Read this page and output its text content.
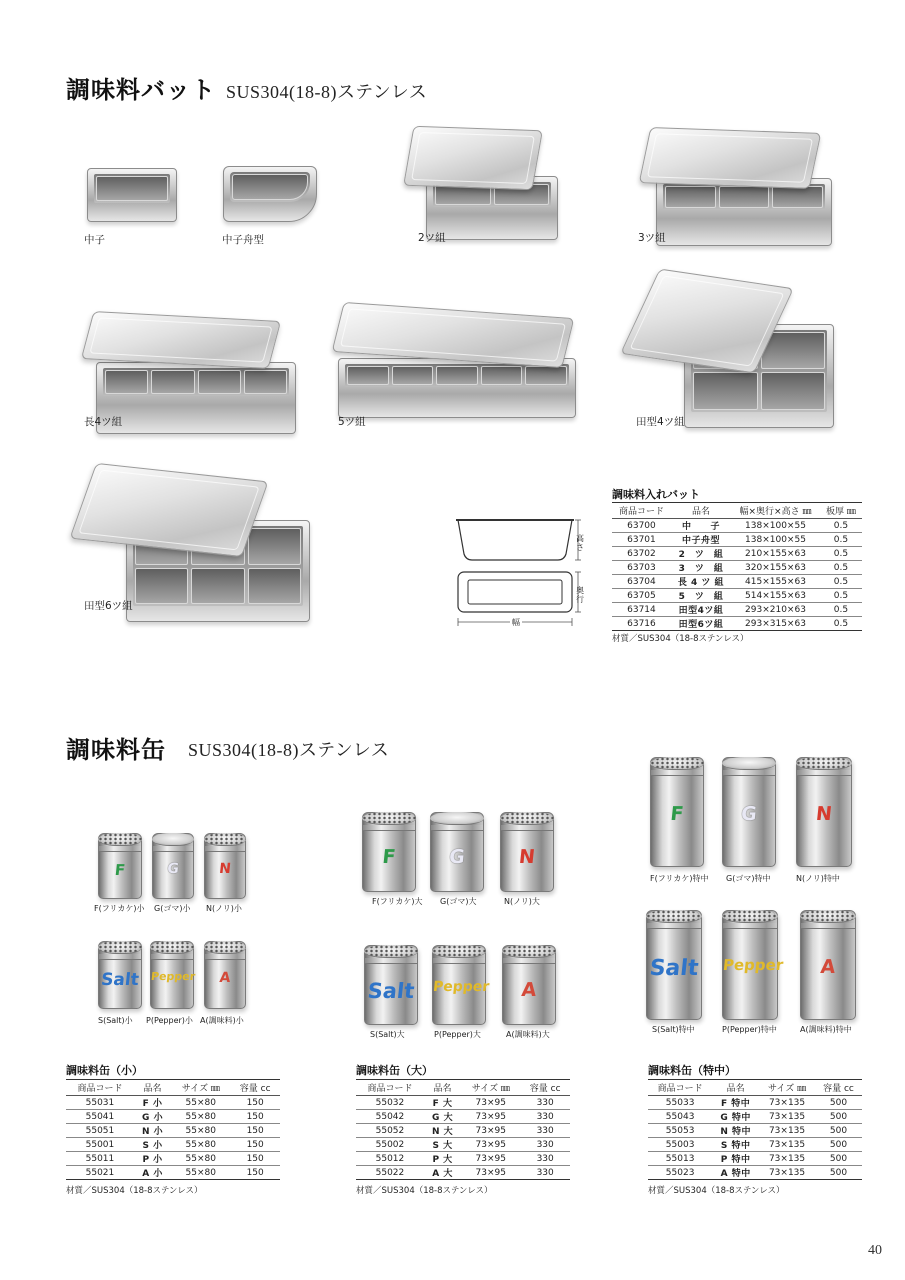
調味料バット SUS304(18-8)ステンレス
中子	中子舟型	2ツ組	3ツ組
長4ツ組	5ツ組	田型4ツ組
田型6ツ組
高さ
奥行
幅
調味料入れバット
商品コード	品名	幅×奥行×高さ ㎜	板厚 ㎜
63700	中　　子	138×100×55	0.5
63701	中子舟型	138×100×55	0.5
63702	2　ツ　組	210×155×63	0.5
63703	3　ツ　組	320×155×63	0.5
63704	長 4 ツ 組	415×155×63	0.5
63705	5　ツ　組	514×155×63	0.5
63714	田型4ツ組	293×210×63	0.5
63716	田型6ツ組	293×315×63	0.5
材質／SUS304（18-8ステンレス）
調味料缶 SUS304(18-8)ステンレス
F	G	N
Salt Pepper	A
F	G	N
Salt Pepper	A
F	G	N
Salt Pepper	A
F(フリカケ)小 G(ゴマ)小 N(ノリ)小
S(Salt)小 P(Pepper)小 A(調味料)小
F(フリカケ)大 G(ゴマ)大	N(ノリ)大
S(Salt)大	P(Pepper)大	A(調味料)大
F(フリカケ)特中 G(ゴマ)特中	N(ノリ)特中
S(Salt)特中	P(Pepper)特中	A(調味料)特中
調味料缶（小）
商品コード	品名	サイズ ㎜	容量 cc
55031	F 小	55×80	150
55041	G 小	55×80	150
55051	N 小	55×80	150
55001	S 小	55×80	150
55011	P 小	55×80	150
55021	A 小	55×80	150
材質／SUS304（18-8ステンレス）
調味料缶（大）
商品コード	品名	サイズ ㎜	容量 cc
55032	F 大	73×95	330
55042	G 大	73×95	330
55052	N 大	73×95	330
55002	S 大	73×95	330
55012	P 大	73×95	330
55022	A 大	73×95	330
材質／SUS304（18-8ステンレス）
調味料缶（特中）
商品コード	品名	サイズ ㎜	容量 cc
55033	F 特中	73×135	500
55043	G 特中	73×135	500
55053	N 特中	73×135	500
55003	S 特中	73×135	500
55013	P 特中	73×135	500
55023	A 特中	73×135	500
材質／SUS304（18-8ステンレス）
40
